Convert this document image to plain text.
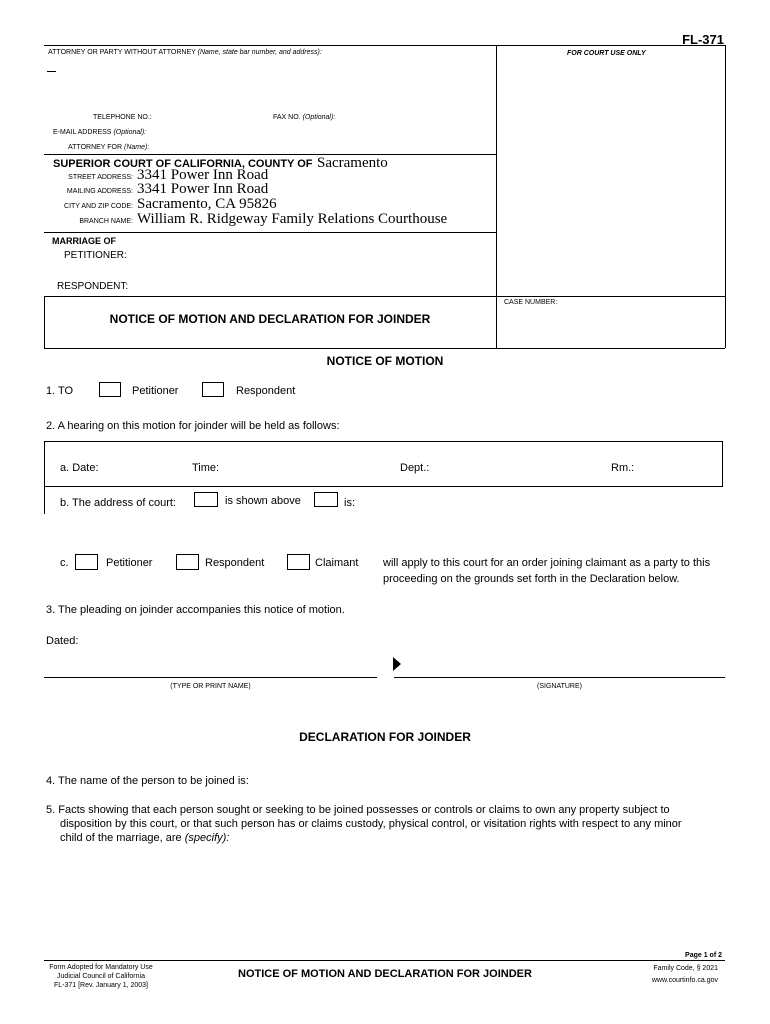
FL-371
ATTORNEY OR PARTY WITHOUT ATTORNEY (Name, state bar number, and address):	FOR COURT USE ONLY
TELEPHONE NO.:	FAX NO. (Optional):
E-MAIL ADDRESS (Optional):
ATTORNEY FOR (Name):
SUPERIOR COURT OF CALIFORNIA, COUNTY OF Sacramento
STREET ADDRESS: 3341 Power Inn Road
MAILING ADDRESS: 3341 Power Inn Road
CITY AND ZIP CODE: Sacramento, CA 95826
BRANCH NAME: William R. Ridgeway Family Relations Courthouse
MARRIAGE OF
PETITIONER:
RESPONDENT:
CASE NUMBER:
NOTICE OF MOTION AND DECLARATION FOR JOINDER
NOTICE OF MOTION
1. TO	Petitioner	Respondent
2. A hearing on this motion for joinder will be held as follows:
a. Date:	Time:	Dept.:	Rm.:
b. The address of court:	is shown above	is:
c.	Petitioner	Respondent	Claimant will apply to this court for an order joining claimant as a party to this
proceeding on the grounds set forth in the Declaration below.
3. The pleading on joinder accompanies this notice of motion.
Dated:
(TYPE OR PRINT NAME)	(SIGNATURE)
DECLARATION FOR JOINDER
4. The name of the person to be joined is:
5. Facts showing that each person sought or seeking to be joined possesses or controls or claims to own any property subject to
disposition by this court, or that such person has or claims custody, physical control, or visitation rights with respect to any minor
child of the marriage, are (specify):
Page 1 of 2
Form Adopted for Mandatory Use
Judicial Council of California
FL-371 [Rev. January 1, 2003]
NOTICE OF MOTION AND DECLARATION FOR JOINDER	Family Code, § 2021
www.courtinfo.ca.gov
